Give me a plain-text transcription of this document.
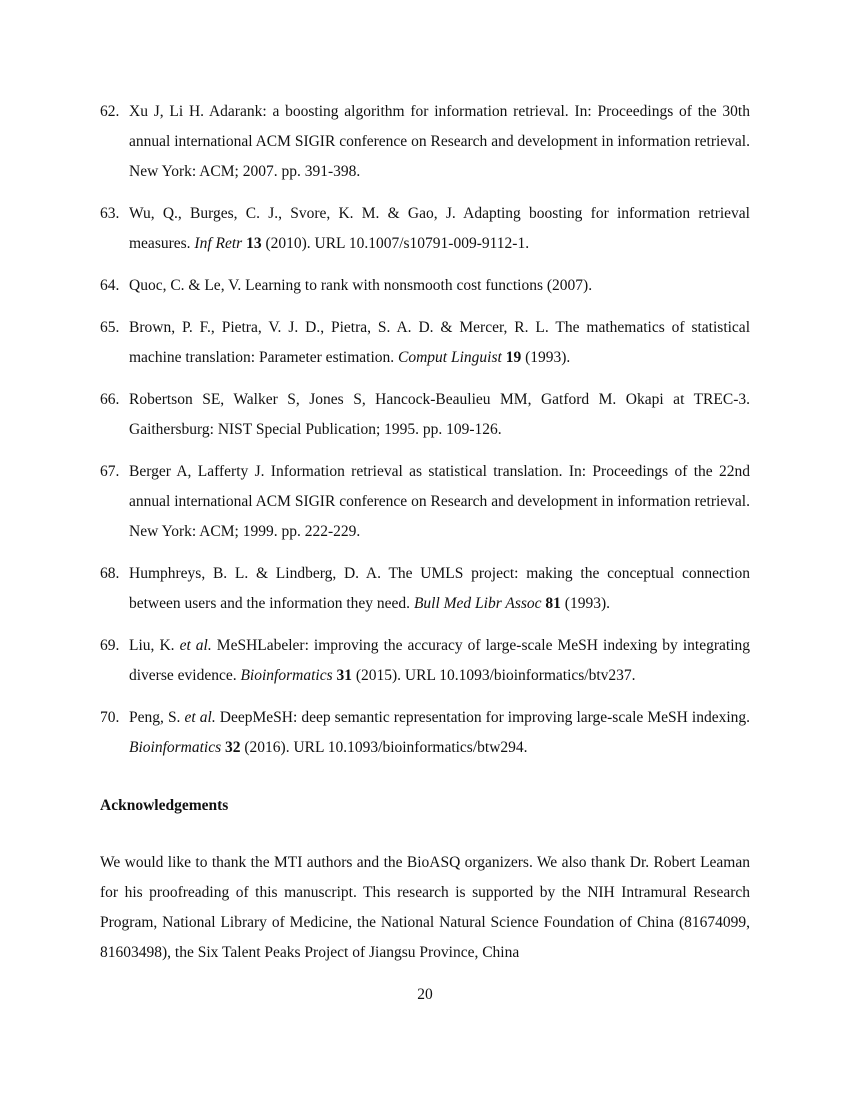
62. Xu J, Li H. Adarank: a boosting algorithm for information retrieval. In: Proceedings of the 30th annual international ACM SIGIR conference on Research and development in information retrieval. New York: ACM; 2007. pp. 391-398.
63. Wu, Q., Burges, C. J., Svore, K. M. & Gao, J. Adapting boosting for information retrieval measures. Inf Retr 13 (2010). URL 10.1007/s10791-009-9112-1.
64. Quoc, C. & Le, V. Learning to rank with nonsmooth cost functions (2007).
65. Brown, P. F., Pietra, V. J. D., Pietra, S. A. D. & Mercer, R. L. The mathematics of statistical machine translation: Parameter estimation. Comput Linguist 19 (1993).
66. Robertson SE, Walker S, Jones S, Hancock-Beaulieu MM, Gatford M. Okapi at TREC-3. Gaithersburg: NIST Special Publication; 1995. pp. 109-126.
67. Berger A, Lafferty J. Information retrieval as statistical translation. In: Proceedings of the 22nd annual international ACM SIGIR conference on Research and development in information retrieval. New York: ACM; 1999. pp. 222-229.
68. Humphreys, B. L. & Lindberg, D. A. The UMLS project: making the conceptual connection between users and the information they need. Bull Med Libr Assoc 81 (1993).
69. Liu, K. et al. MeSHLabeler: improving the accuracy of large-scale MeSH indexing by integrating diverse evidence. Bioinformatics 31 (2015). URL 10.1093/bioinformatics/btv237.
70. Peng, S. et al. DeepMeSH: deep semantic representation for improving large-scale MeSH indexing. Bioinformatics 32 (2016). URL 10.1093/bioinformatics/btw294.
Acknowledgements

We would like to thank the MTI authors and the BioASQ organizers. We also thank Dr. Robert Leaman for his proofreading of this manuscript. This research is supported by the NIH Intramural Research Program, National Library of Medicine, the National Natural Science Foundation of China (81674099, 81603498), the Six Talent Peaks Project of Jiangsu Province, China

20
